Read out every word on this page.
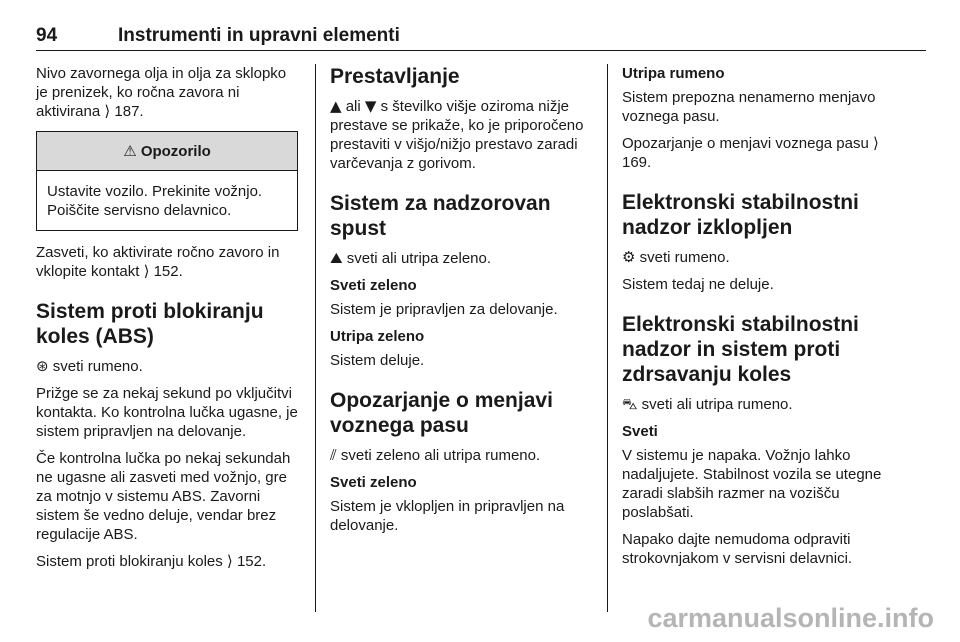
94	Instrumenti in upravni elementi

Nivo zavornega olja in olja za sklopko je prenizek, ko ročna zavora ni aktivirana ⟩ 187.

⚠ Opozorilo
Ustavite vozilo. Prekinite vožnjo. Poiščite servisno delavnico.

Zasveti, ko aktivirate ročno zavoro in vklopite kontakt ⟩ 152.

Sistem proti blokiranju koles (ABS)

⊛ sveti rumeno.

Prižge se za nekaj sekund po vključitvi kontakta. Ko kontrolna lučka ugasne, je sistem pripravljen na delovanje.

Če kontrolna lučka po nekaj sekundah ne ugasne ali zasveti med vožnjo, gre za motnjo v sistemu ABS. Zavorni sistem še vedno deluje, vendar brez regulacije ABS.

Sistem proti blokiranju koles ⟩ 152.

Prestavljanje

▲ ali ▼ s številko višje oziroma nižje prestave se prikaže, ko je priporočeno prestaviti v višjo/nižjo prestavo zaradi varčevanja z gorivom.

Sistem za nadzorovan spust

⛰ sveti ali utripa zeleno.

Sveti zeleno

Sistem je pripravljen za delovanje.

Utripa zeleno

Sistem deluje.

Opozarjanje o menjavi voznega pasu

⫽ sveti zeleno ali utripa rumeno.

Sveti zeleno

Sistem je vklopljen in pripravljen na delovanje.

Utripa rumeno

Sistem prepozna nenamerno menjavo voznega pasu.

Opozarjanje o menjavi voznega pasu ⟩ 169.

Elektronski stabilnostni nadzor izklopljen

⚙ sveti rumeno.

Sistem tedaj ne deluje.

Elektronski stabilnostni nadzor in sistem proti zdrsavanju koles

⛍ sveti ali utripa rumeno.

Sveti

V sistemu je napaka. Vožnjo lahko nadaljujete. Stabilnost vozila se utegne zaradi slabših razmer na vozišču poslabšati.

Napako dajte nemudoma odpraviti strokovnjakom v servisni delavnici.

carmanualsonline.info
